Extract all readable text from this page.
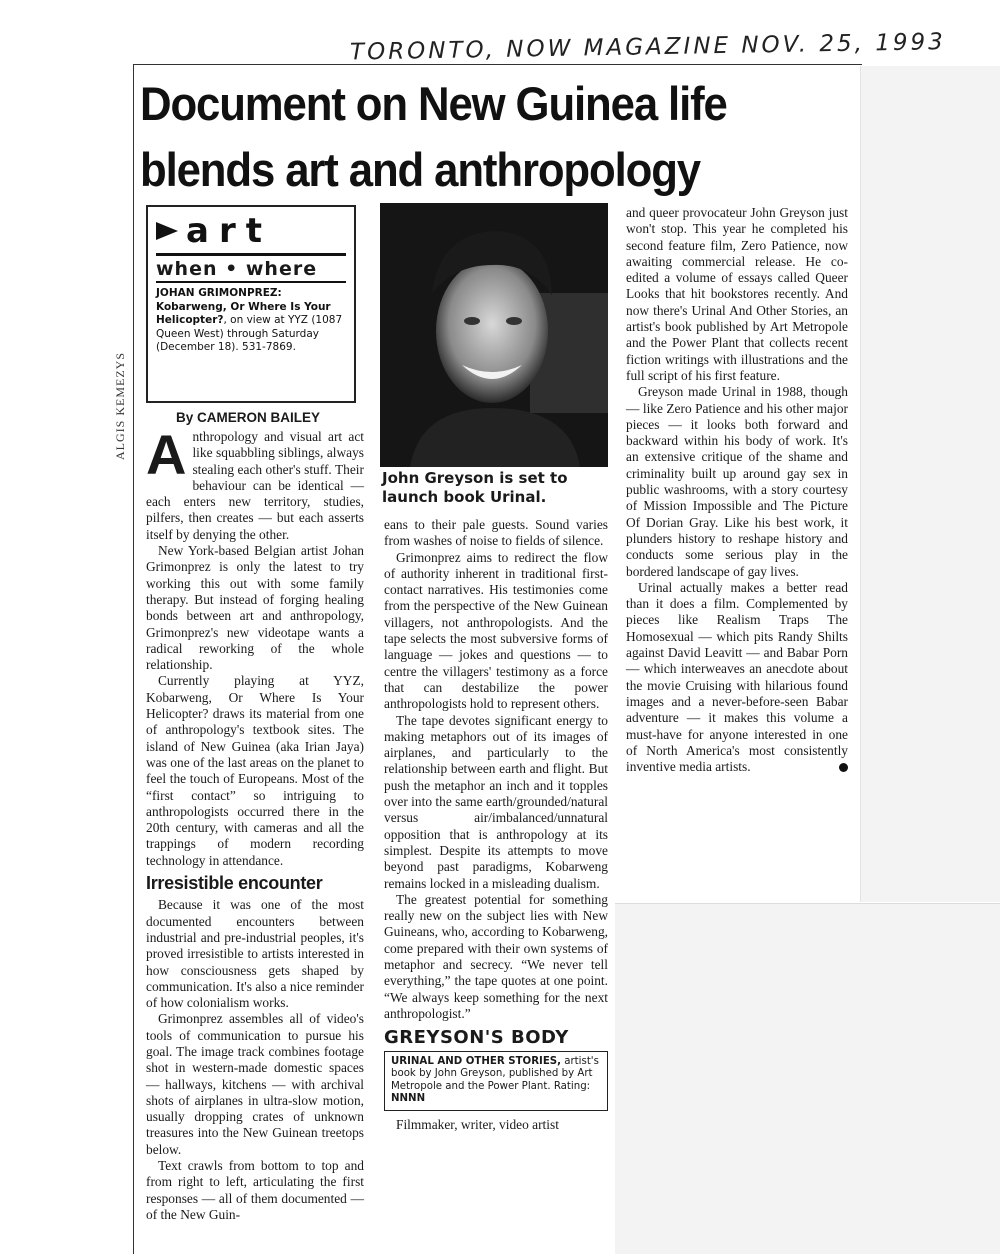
TORONTO, NOW MAGAZINE NOV. 25, 1993
ALGIS KEMEZYS
Document on New Guinea life
blends art and anthropology
art
when • where
JOHAN GRIMONPREZ: Kobarweng, Or Where Is Your Helicopter?, on view at YYZ (1087 Queen West) through Saturday (December 18). 531-7869.
By CAMERON BAILEY

Anthropology and visual art act like squabbling siblings, always stealing each other's stuff. Their behaviour can be identical — each enters new territory, studies, pilfers, then creates — but each asserts itself by denying the other.

New York-based Belgian artist Johan Grimonprez is only the latest to try working this out with some family therapy. But instead of forging healing bonds between art and anthropology, Grimonprez's new videotape wants a radical reworking of the whole relationship.

Currently playing at YYZ, Kobarweng, Or Where Is Your Helicopter? draws its material from one of anthropology's textbook sites. The island of New Guinea (aka Irian Jaya) was one of the last areas on the planet to feel the touch of Europeans. Most of the “first contact” so intriguing to anthropologists occurred there in the 20th century, with cameras and all the trappings of modern recording technology in attendance.

Irresistible encounter

Because it was one of the most documented encounters between industrial and pre-industrial peoples, it's proved irresistible to artists interested in how consciousness gets shaped by communication. It's also a nice reminder of how colonialism works.

Grimonprez assembles all of video's tools of communication to pursue his goal. The image track combines footage shot in western-made domestic spaces — hallways, kitchens — with archival shots of airplanes in ultra-slow motion, usually dropping crates of unknown treasures into the New Guinean treetops below.

Text crawls from bottom to top and from right to left, articulating the first responses — all of them documented — of the New Guin-

John Greyson is set to
launch book Urinal.

eans to their pale guests. Sound varies from washes of noise to fields of silence.

Grimonprez aims to redirect the flow of authority inherent in traditional first-contact narratives. His testimonies come from the perspective of the New Guinean villagers, not anthropologists. And the tape selects the most subversive forms of language — jokes and questions — to centre the villagers' testimony as a force that can destabilize the power anthropologists hold to represent others.

The tape devotes significant energy to making metaphors out of its images of airplanes, and particularly to the relationship between earth and flight. But push the metaphor an inch and it topples over into the same earth/grounded/natural versus air/imbalanced/unnatural opposition that is anthropology at its simplest. Despite its attempts to move beyond past paradigms, Kobarweng remains locked in a misleading dualism.

The greatest potential for something really new on the subject lies with New Guineans, who, according to Kobarweng, come prepared with their own systems of metaphor and secrecy. “We never tell everything,” the tape quotes at one point. “We always keep something for the next anthropologist.”

GREYSON'S BODY
URINAL AND OTHER STORIES, artist's book by John Greyson, published by Art Metropole and the Power Plant. Rating: NNNN

Filmmaker, writer, video artist

and queer provocateur John Greyson just won't stop. This year he completed his second feature film, Zero Patience, now awaiting commercial release. He co-edited a volume of essays called Queer Looks that hit bookstores recently. And now there's Urinal And Other Stories, an artist's book published by Art Metropole and the Power Plant that collects recent fiction writings with illustrations and the full script of his first feature.

Greyson made Urinal in 1988, though — like Zero Patience and his other major pieces — it looks both forward and backward within his body of work. It's an extensive critique of the shame and criminality built up around gay sex in public washrooms, with a story courtesy of Mission Impossible and The Picture Of Dorian Gray. Like his best work, it plunders history to reshape history and conducts some serious play in the bordered landscape of gay lives.

Urinal actually makes a better read than it does a film. Complemented by pieces like Realism Traps The Homosexual — which pits Randy Shilts against David Leavitt — and Babar Porn — which interweaves an anecdote about the movie Cruising with hilarious found images and a never-before-seen Babar adventure — it makes this volume a must-have for anyone interested in one of North America's most consistently inventive media artists.
